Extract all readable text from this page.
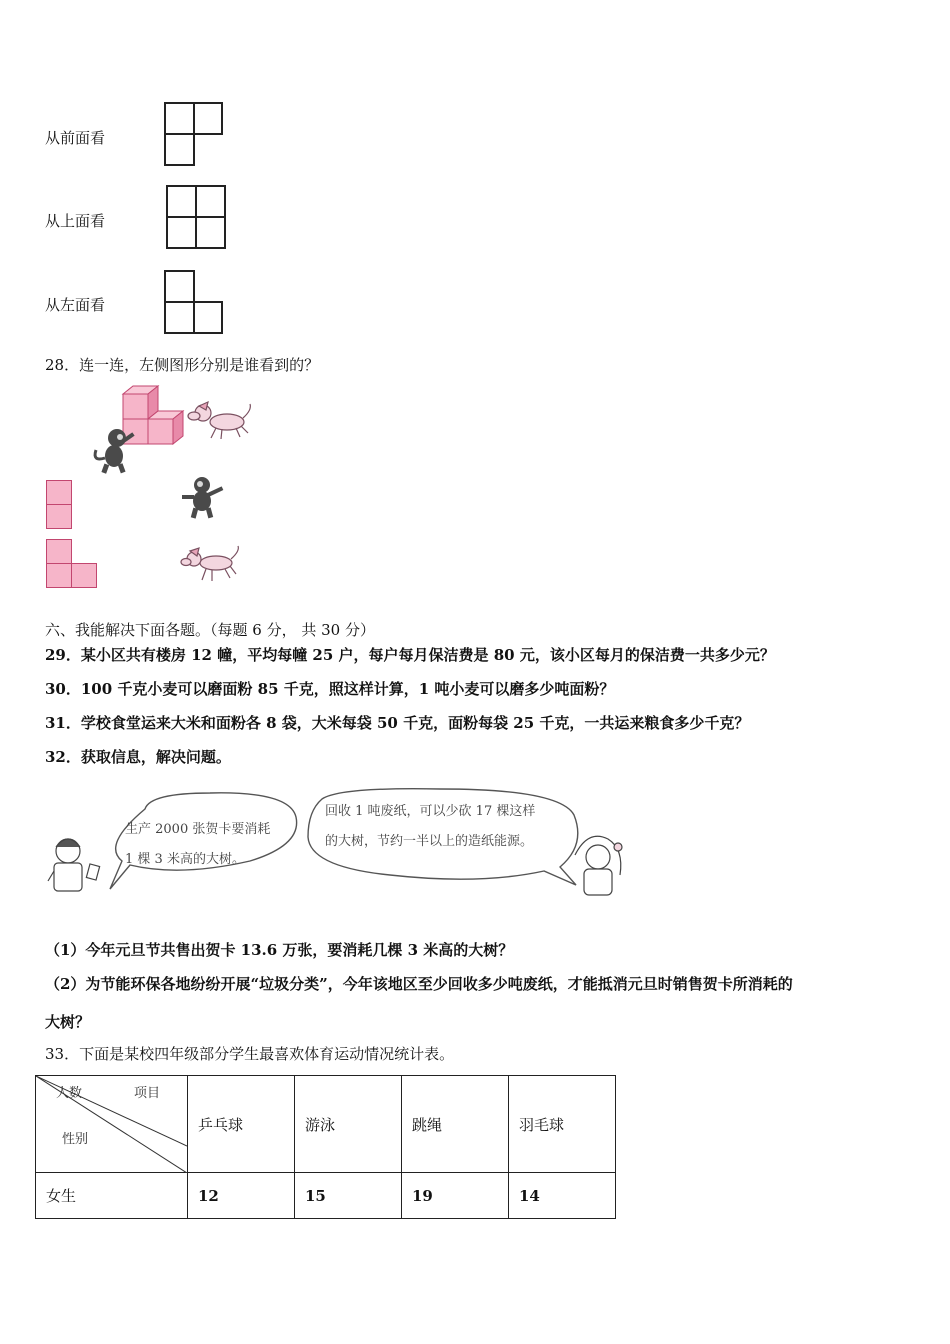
从前面看
从上面看
从左面看
28．连一连，左侧图形分别是谁看到的？
六、我能解决下面各题。（每题 6 分， 共 30 分）
29．某小区共有楼房 12 幢，平均每幢 25 户，每户每月保洁费是 80 元，该小区每月的保洁费一共多少元？
30．100 千克小麦可以磨面粉 85 千克，照这样计算，1 吨小麦可以磨多少吨面粉？
31．学校食堂运来大米和面粉各 8 袋，大米每袋 50 千克，面粉每袋 25 千克，一共运来粮食多少千克？
32．获取信息，解决问题。
生产 2000 张贺卡要消耗
1 棵 3 米高的大树。
回收 1 吨废纸，可以少砍 17 棵这样
的大树，节约一半以上的造纸能源。
（1）今年元旦节共售出贺卡 13.6 万张，要消耗几棵 3 米高的大树？
（2）为节能环保各地纷纷开展“垃圾分类”，今年该地区至少回收多少吨废纸，才能抵消元旦时销售贺卡所消耗的
大树？
33．下面是某校四年级部分学生最喜欢体育运动情况统计表。
人数 项目
性别	乒乓球	游泳	跳绳	羽毛球
女生	12	15	19	14
